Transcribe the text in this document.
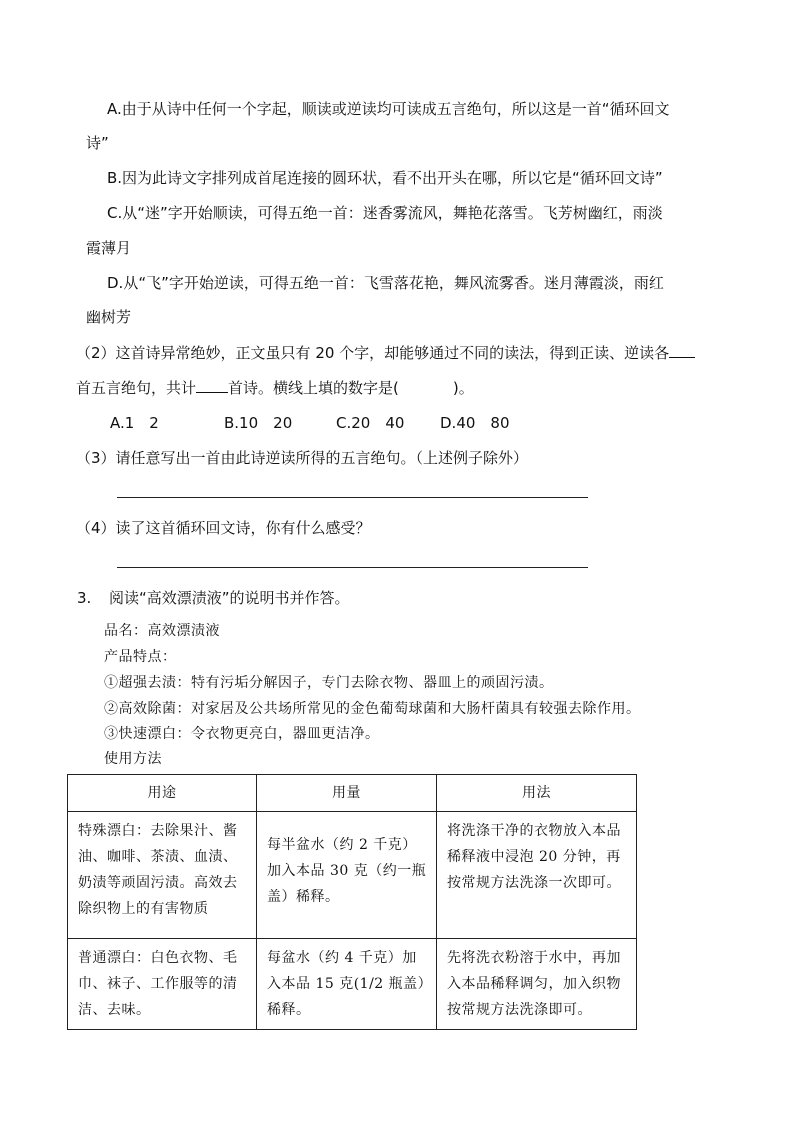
A.由于从诗中任何一个字起，顺读或逆读均可读成五言绝句，所以这是一首“循环回文
诗”
B.因为此诗文字排列成首尾连接的圆环状，看不出开头在哪，所以它是“循环回文诗”
C.从“迷”字开始顺读，可得五绝一首：迷香雾流风，舞艳花落雪。飞芳树幽红，雨淡
霞薄月
D.从“飞”字开始逆读，可得五绝一首：飞雪落花艳，舞风流雾香。迷月薄霞淡，雨红
幽树芳
（2）这首诗异常绝妙，正文虽只有 20 个字，却能够通过不同的读法，得到正读、逆读各
首五言绝句，共计 首诗。横线上填的数字是(	)。
A.1　2	B.10　20	C.20　40 D.40　80
（3）请任意写出一首由此诗逆读所得的五言绝句。（上述例子除外）
（4）读了这首循环回文诗，你有什么感受？
3. 阅读“高效漂渍液”的说明书并作答。
品名：高效漂渍液
产品特点：
①超强去渍：特有污垢分解因子，专门去除衣物、器皿上的顽固污渍。
②高效除菌：对家居及公共场所常见的金色葡萄球菌和大肠杆菌具有较强去除作用。
③快速漂白：令衣物更亮白，器皿更洁净。
使用方法
用途	用量	用法
特殊漂白：去除果汁、酱油、咖啡、茶渍、血渍、奶渍等顽固污渍。高效去除织物上的有害物质	每半盆水（约 2 千克）加入本品 30 克（约一瓶盖）稀释。	将洗涤干净的衣物放入本品稀释液中浸泡 20 分钟，再按常规方法洗涤一次即可。
普通漂白：白色衣物、毛巾、袜子、工作服等的清洁、去味。	每盆水（约 4 千克）加入本品 15 克(1/2 瓶盖）稀释。	先将洗衣粉溶于水中，再加入本品稀释调匀，加入织物按常规方法洗涤即可。
